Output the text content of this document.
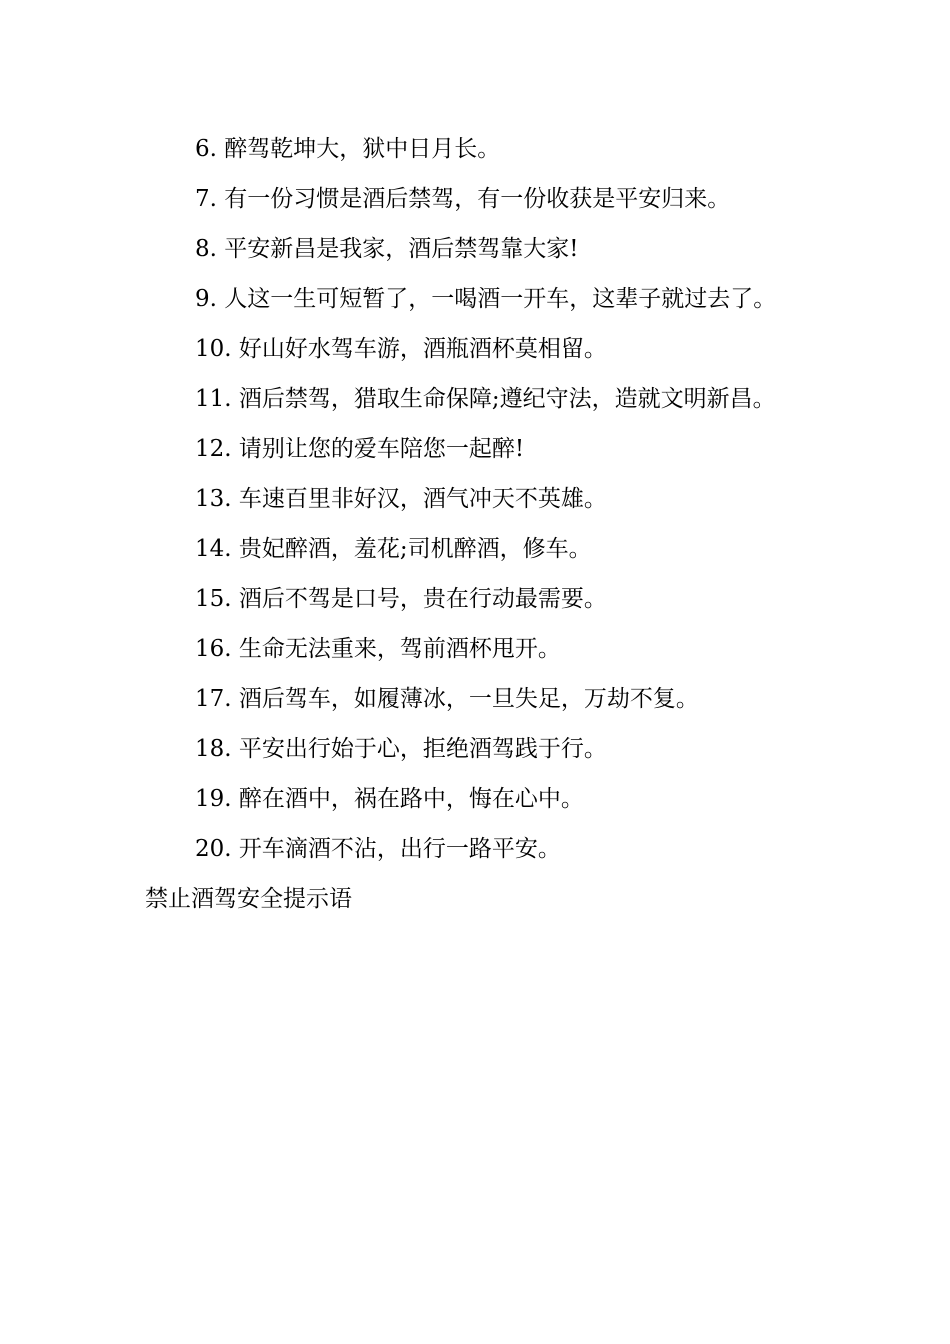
6. 醉驾乾坤大，狱中日月长。

7. 有一份习惯是酒后禁驾，有一份收获是平安归来。

8. 平安新昌是我家，酒后禁驾靠大家!

9. 人这一生可短暂了，一喝酒一开车，这辈子就过去了。

10. 好山好水驾车游，酒瓶酒杯莫相留。

11. 酒后禁驾，猎取生命保障;遵纪守法，造就文明新昌。

12. 请别让您的爱车陪您一起醉!

13. 车速百里非好汉，酒气冲天不英雄。

14. 贵妃醉酒，羞花;司机醉酒，修车。

15. 酒后不驾是口号，贵在行动最需要。

16. 生命无法重来，驾前酒杯甩开。

17. 酒后驾车，如履薄冰，一旦失足，万劫不复。

18. 平安出行始于心，拒绝酒驾践于行。

19. 醉在酒中，祸在路中，悔在心中。

20. 开车滴酒不沾，出行一路平安。

禁止酒驾安全提示语
